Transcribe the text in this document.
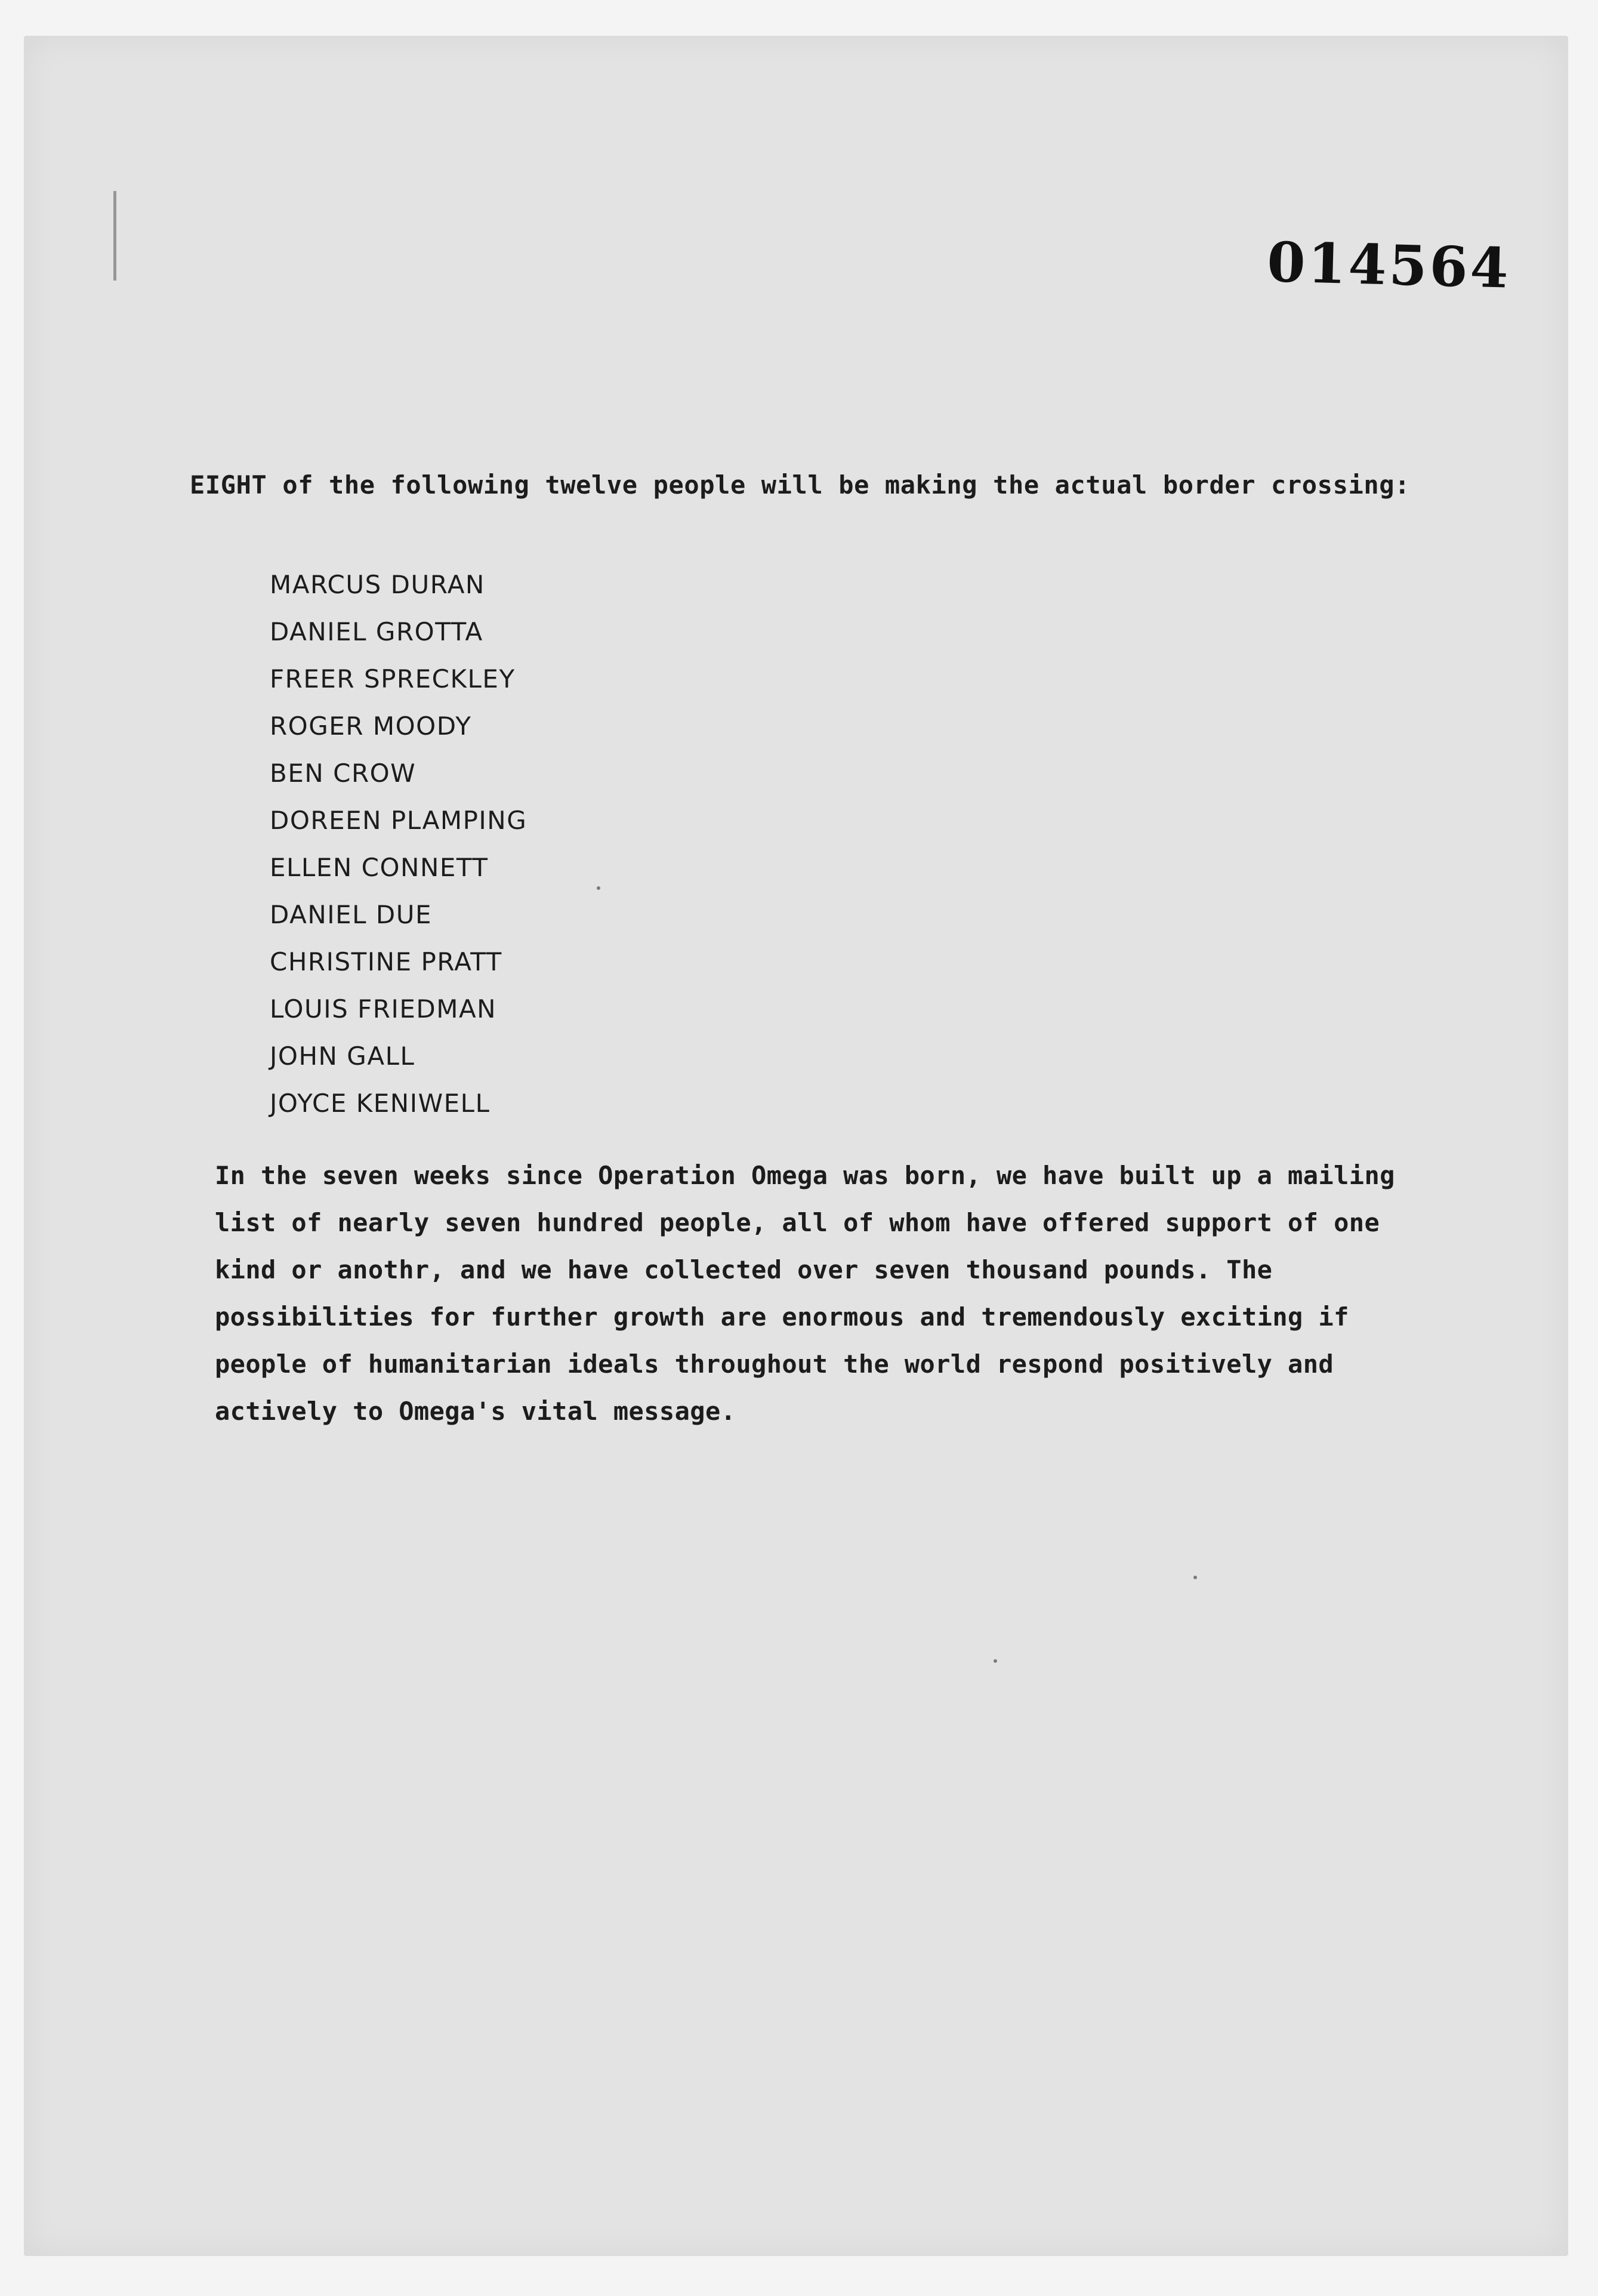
014564
EIGHT of the following twelve people will be making the actual border crossing:
MARCUS DURAN
DANIEL GROTTA
FREER SPRECKLEY
ROGER MOODY
BEN CROW
DOREEN PLAMPING
ELLEN CONNETT
DANIEL DUE
CHRISTINE PRATT
LOUIS FRIEDMAN
JOHN GALL
JOYCE KENIWELL
In the seven weeks since Operation Omega was born, we have built up a mailing
list of nearly seven hundred people, all of whom have offered support of one
kind or anothr, and we have collected over seven thousand pounds. The
possibilities for further growth are enormous and tremendously exciting if
people of humanitarian ideals throughout the world respond positively and
actively to Omega's vital message.
